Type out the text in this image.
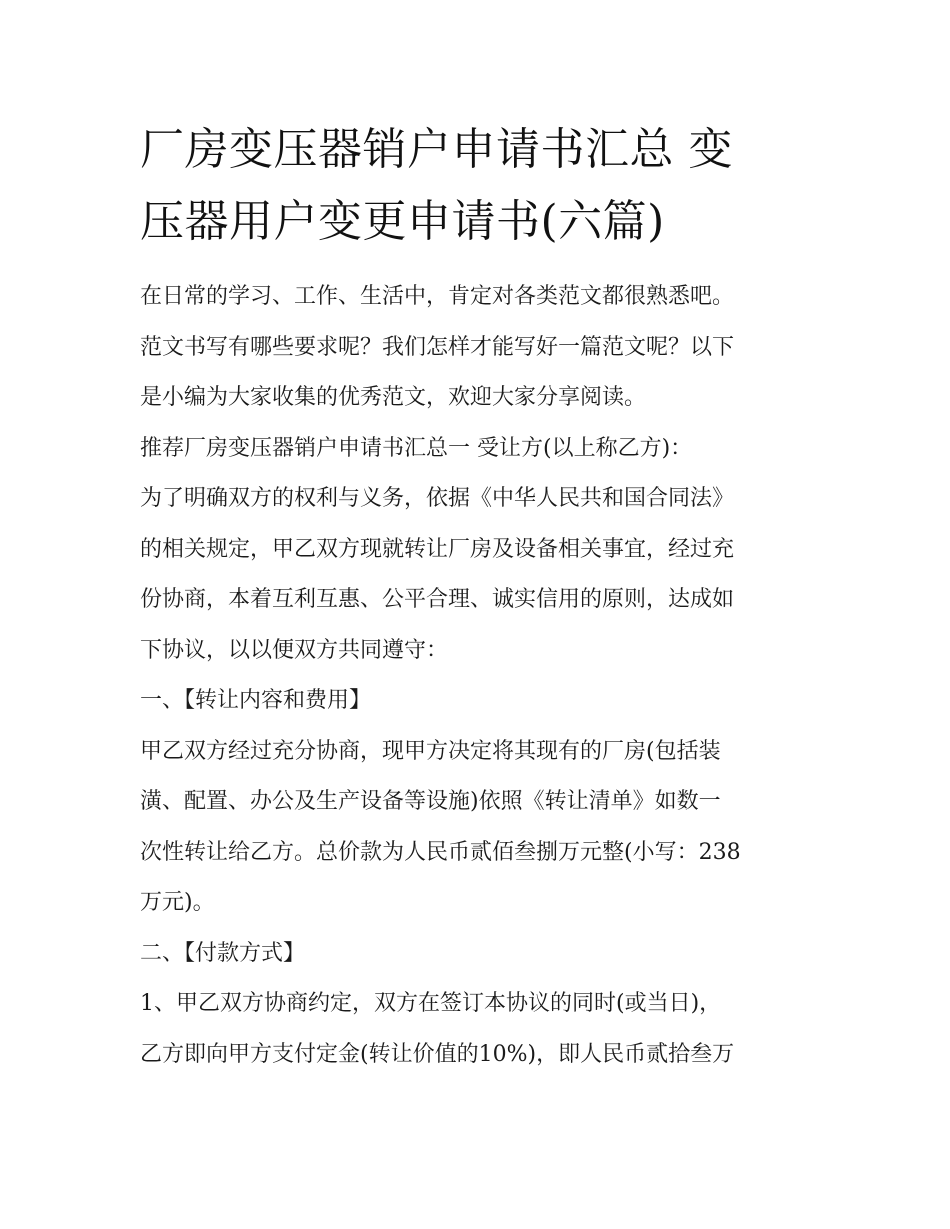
厂房变压器销户申请书汇总 变
压器用户变更申请书(六篇)
在日常的学习、工作、生活中，肯定对各类范文都很熟悉吧。
范文书写有哪些要求呢？我们怎样才能写好一篇范文呢？以下
是小编为大家收集的优秀范文，欢迎大家分享阅读。
推荐厂房变压器销户申请书汇总一 受让方(以上称乙方)：
为了明确双方的权利与义务，依据《中华人民共和国合同法》
的相关规定，甲乙双方现就转让厂房及设备相关事宜，经过充
份协商，本着互利互惠、公平合理、诚实信用的原则，达成如
下协议，以以便双方共同遵守：
一、【转让内容和费用】
甲乙双方经过充分协商，现甲方决定将其现有的厂房(包括装
潢、配置、办公及生产设备等设施)依照《转让清单》如数一
次性转让给乙方。总价款为人民币贰佰叁捌万元整(小写：238
万元)。
二、【付款方式】
1、甲乙双方协商约定，双方在签订本协议的同时(或当日)，
乙方即向甲方支付定金(转让价值的10%)，即人民币贰拾叁万
